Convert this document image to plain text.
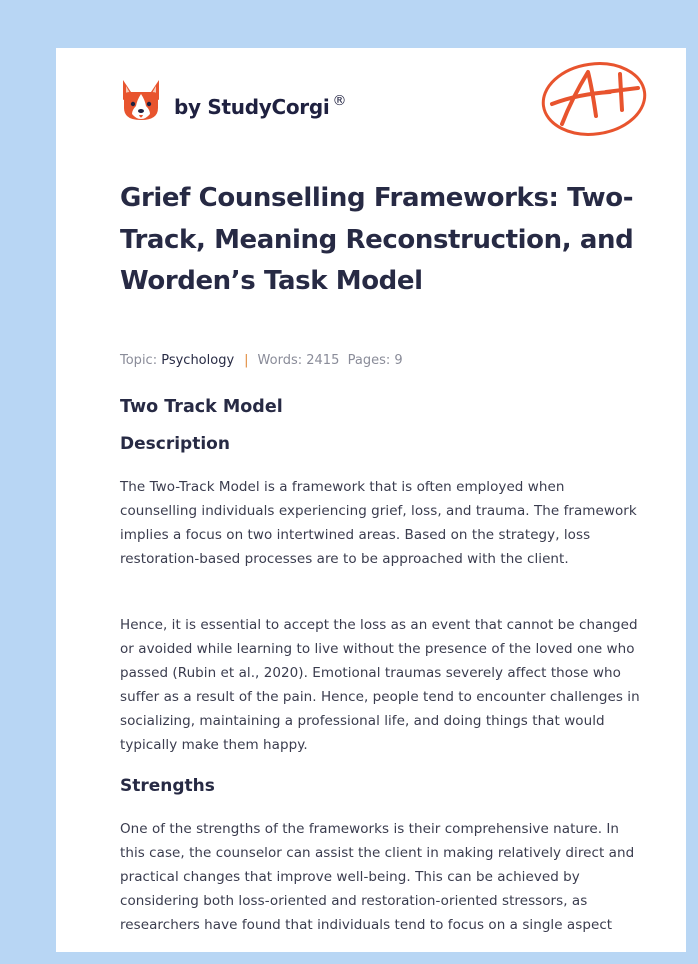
by StudyCorgi ®
Grief Counselling Frameworks: Two-Track, Meaning Reconstruction, and Worden’s Task Model
Topic: Psychology | Words: 2415 Pages: 9
Two Track Model
Description

The Two-Track Model is a framework that is often employed when counselling individuals experiencing grief, loss, and trauma. The framework implies a focus on two intertwined areas. Based on the strategy, loss restoration-based processes are to be approached with the client.

Hence, it is essential to accept the loss as an event that cannot be changed or avoided while learning to live without the presence of the loved one who passed (Rubin et al., 2020). Emotional traumas severely affect those who suffer as a result of the pain. Hence, people tend to encounter challenges in socializing, maintaining a professional life, and doing things that would typically make them happy.

Strengths

One of the strengths of the frameworks is their comprehensive nature. In this case, the counselor can assist the client in making relatively direct and practical changes that improve well-being. This can be achieved by considering both loss-oriented and restoration-oriented stressors, as researchers have found that individuals tend to focus on a single aspect
